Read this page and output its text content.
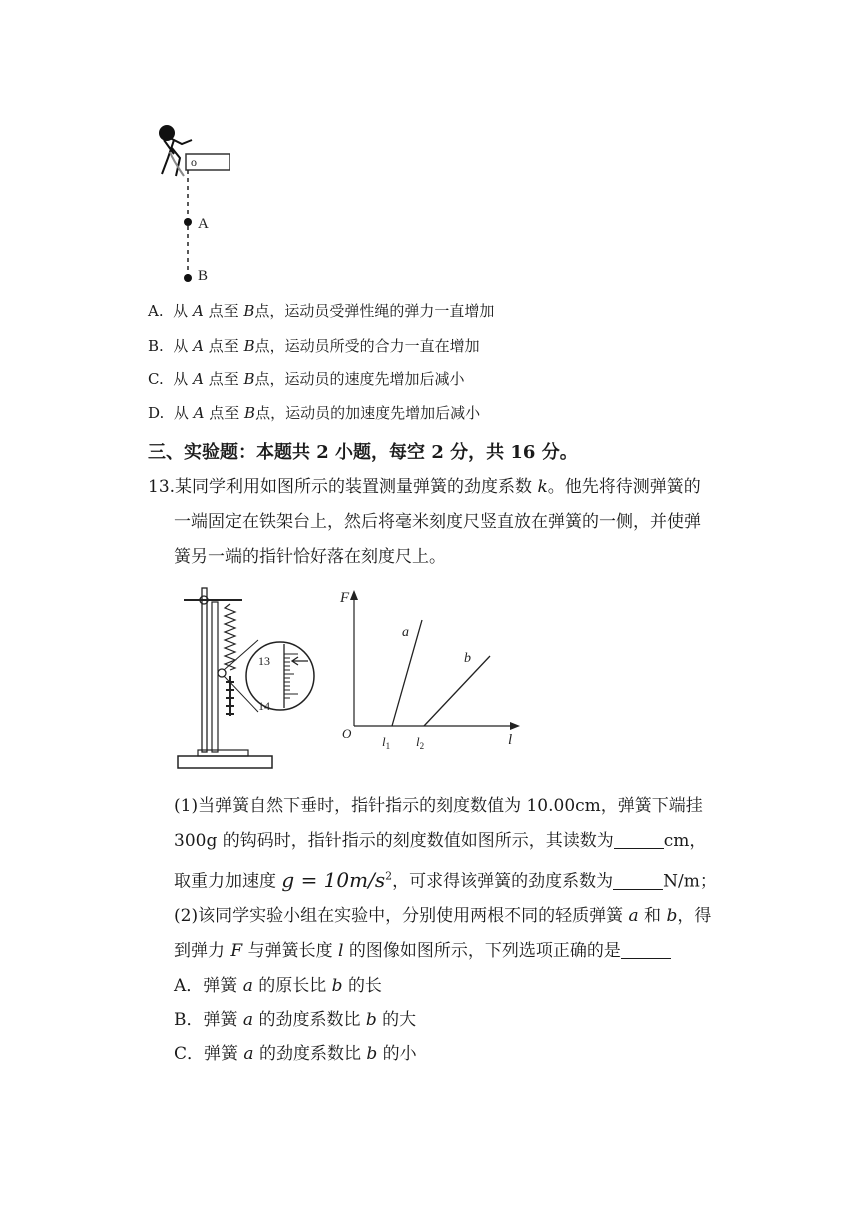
o
A
B
A. 从 A 点至 B点，运动员受弹性绳的弹力一直增加
B. 从 A 点至 B点，运动员所受的合力一直在增加
C. 从 A 点至 B点，运动员的速度先增加后减小
D. 从 A 点至 B点，运动员的加速度先增加后减小
三、实验题：本题共 2 小题，每空 2 分，共 16 分。
13.某同学利用如图所示的装置测量弹簧的劲度系数 k。他先将待测弹簧的
一端固定在铁架台上，然后将毫米刻度尺竖直放在弹簧的一侧，并使弹
簧另一端的指针恰好落在刻度尺上。
13
14
F
O	l
a
b
$l_1$ $l_2$
(1)当弹簧自然下垂时，指针指示的刻度数值为 10.00cm，弹簧下端挂
300g 的钩码时，指针指示的刻度数值如图所示，其读数为	cm，
取重力加速度 $g = 10m/s^2$，可求得该弹簧的劲度系数为	N/m；
(2)该同学实验小组在实验中，分别使用两根不同的轻质弹簧 a 和 b，得
到弹力 F 与弹簧长度 l 的图像如图所示，下列选项正确的是
A．弹簧 a 的原长比 b 的长
B．弹簧 a 的劲度系数比 b 的大
C．弹簧 a 的劲度系数比 b 的小
